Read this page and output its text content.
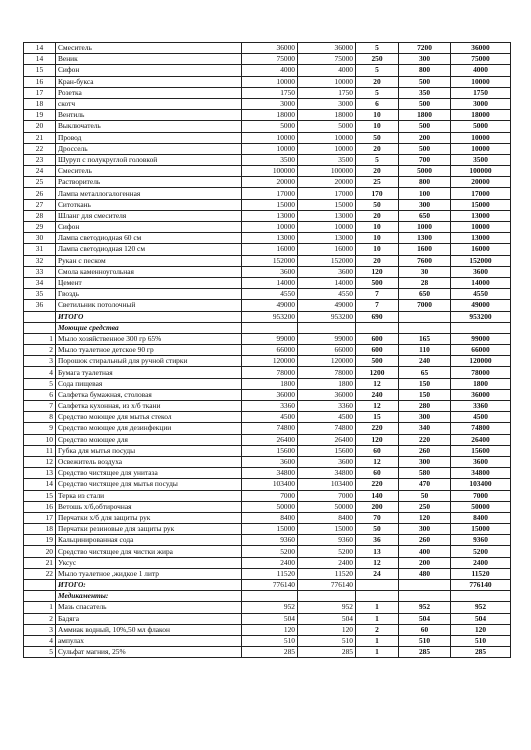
14	Смеситель	36000	36000	5	7200	36000
14	Веник	75000	75000	250	300	75000
15	Сифон	4000	4000	5	800	4000
16	Кран-букса	10000	10000	20	500	10000
17	Розетка	1750	1750	5	350	1750
18	скотч	3000	3000	6	500	3000
19	Вентиль	18000	18000	10	1800	18000
20	Выключатель	5000	5000	10	500	5000
21	Провод	10000	10000	50	200	10000
22	Дроссель	10000	10000	20	500	10000
23	Шуруп с полукруглой головкой	3500	3500	5	700	3500
24	Смеситель	100000	100000	20	5000	100000
25	Растворитель	20000	20000	25	800	20000
26	Лампа металлогалогенная	17000	17000	170	100	17000
27	Ситоткань	15000	15000	50	300	15000
28	Шланг для смесителя	13000	13000	20	650	13000
29	Сифон	10000	10000	10	1000	10000
30	Лампа светодиодная 60 см	13000	13000	10	1300	13000
31	Лампа светодиодная 120 см	16000	16000	10	1600	16000
32	Рукан с песком	152000	152000	20	7600	152000
33	Смола каменноугольная	3600	3600	120	30	3600
34	Цемент	14000	14000	500	28	14000
35	Гвоздь	4550	4550	7	650	4550
36	Светильник потолочный	49000	49000	7	7000	49000
	ИТОГО	953200	953200	690		953200
	Моющие средства					
1	Мыло хозяйственное 300 гр 65%	99000	99000	600	165	99000
2	Мыло туалетное детское 90 гр	66000	66000	600	110	66000
3	Порошок стиральный для ручной стирки	120000	120000	500	240	120000
4	Бумага туалетная	78000	78000	1200	65	78000
5	Сода пищевая	1800	1800	12	150	1800
6	Салфетка бумажная, столовая	36000	36000	240	150	36000
7	Салфетка кухонная, из х/б ткани	3360	3360	12	280	3360
8	Средство моющее для мытья стекол	4500	4500	15	300	4500
9	Средство моющее для дезинфекции	74800	74800	220	340	74800
10	Средство моющее для	26400	26400	120	220	26400
11	Губка для мытья посуды	15600	15600	60	260	15600
12	Освежитель воздуха	3600	3600	12	300	3600
13	Средство чистящее для унитаза	34800	34800	60	580	34800
14	Средство чистящее для мытья посуды	103400	103400	220	470	103400
15	Терка из стали	7000	7000	140	50	7000
16	Ветошь х/б,обтирочная	50000	50000	200	250	50000
17	Перчатки х/б для защиты рук	8400	8400	70	120	8400
18	Перчатки резиновые для защиты рук	15000	15000	50	300	15000
19	Кальцинированная сода	9360	9360	36	260	9360
20	Средство чистящее для чистки жира	5200	5200	13	400	5200
21	Уксус	2400	2400	12	200	2400
22	Мыло туалетное ,жидкое 1 литр	11520	11520	24	480	11520
	ИТОГО:	776140	776140			776140
	Медикаменты:					
1	Мазь спасатель	952	952	1	952	952
2	Бадяга	504	504	1	504	504
3	Аммиак водный, 10%,50 мл флакон	120	120	2	60	120
4	ампулах	510	510	1	510	510
5	Сульфат магния, 25%	285	285	1	285	285
